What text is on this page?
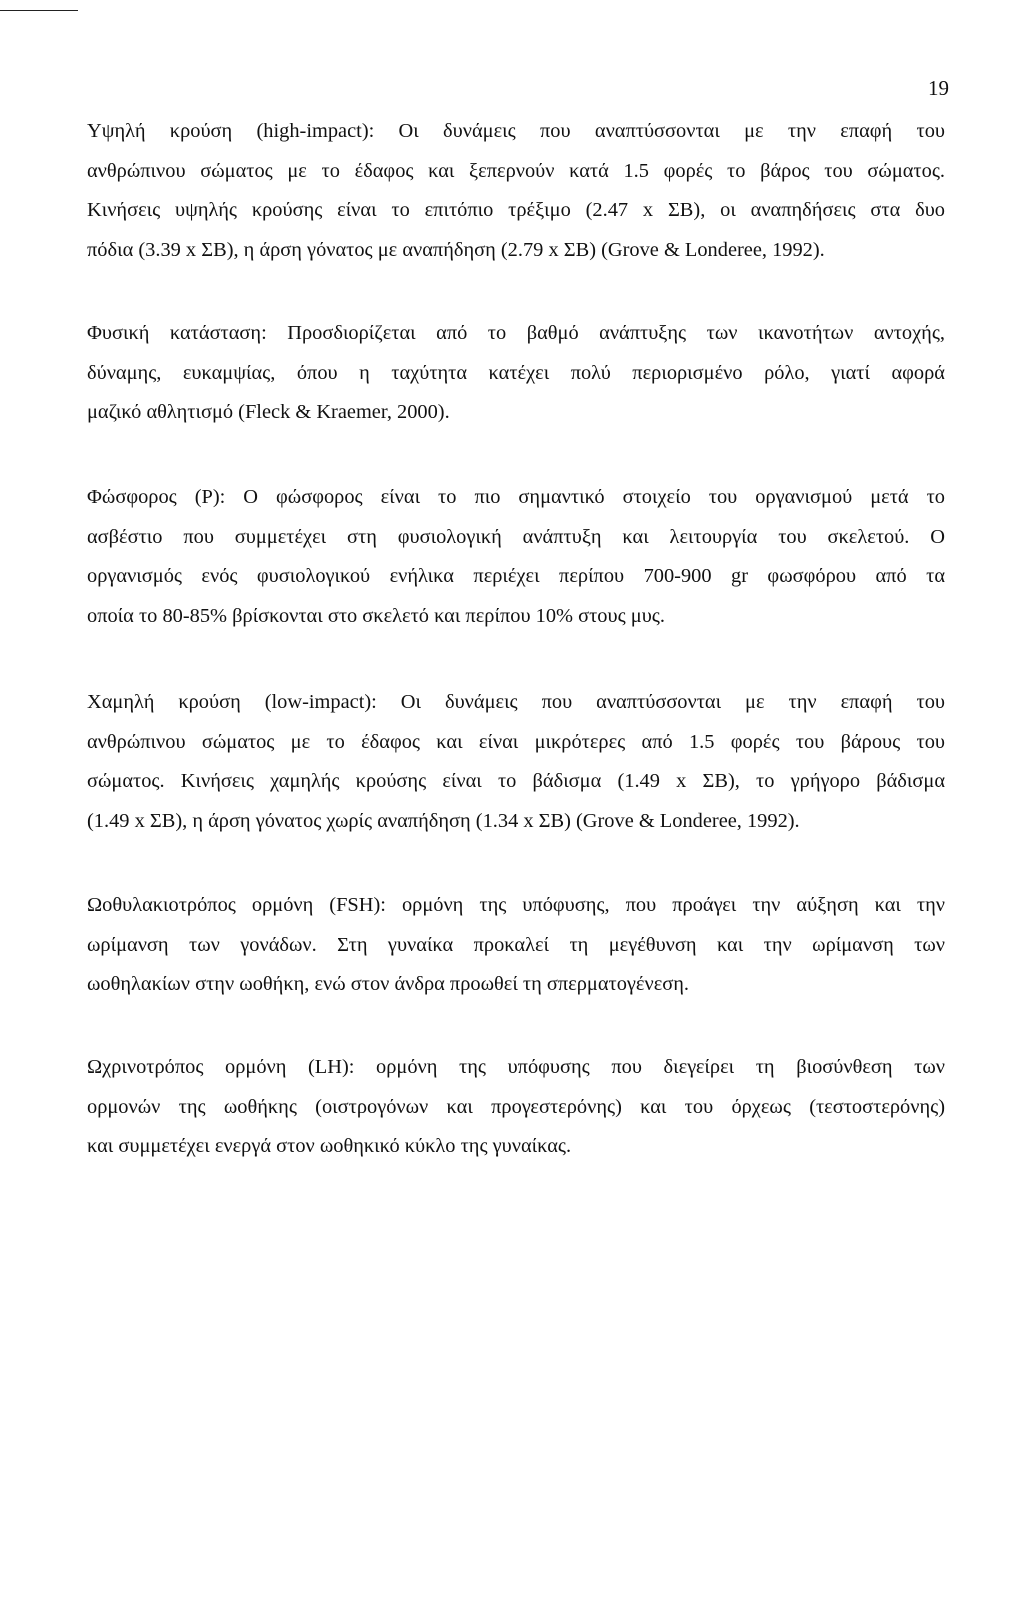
19
Υψηλή κρούση (high-impact): Οι δυνάμεις που αναπτύσσονται με την επαφή του
ανθρώπινου σώματος με το έδαφος και ξεπερνούν κατά 1.5 φορές το βάρος του σώματος.
Κινήσεις υψηλής κρούσης είναι το επιτόπιο τρέξιμο (2.47 x ΣΒ), οι αναπηδήσεις στα δυο
πόδια (3.39 x ΣΒ), η άρση γόνατος με αναπήδηση (2.79 x ΣΒ) (Grove & Londeree, 1992).
Φυσική κατάσταση: Προσδιορίζεται από το βαθμό ανάπτυξης των ικανοτήτων αντοχής,
δύναμης, ευκαμψίας, όπου η ταχύτητα κατέχει πολύ περιορισμένο ρόλο, γιατί αφορά
μαζικό αθλητισμό (Fleck & Kraemer, 2000).
Φώσφορος (Ρ): Ο φώσφορος είναι το πιο σημαντικό στοιχείο του οργανισμού μετά το
ασβέστιο που συμμετέχει στη φυσιολογική ανάπτυξη και λειτουργία του σκελετού. Ο
οργανισμός ενός φυσιολογικού ενήλικα περιέχει περίπου 700-900 gr φωσφόρου από τα
οποία το 80-85% βρίσκονται στο σκελετό και περίπου 10% στους μυς.
Χαμηλή κρούση (low-impact): Οι δυνάμεις που αναπτύσσονται με την επαφή του
ανθρώπινου σώματος με το έδαφος και είναι μικρότερες από 1.5 φορές του βάρους του
σώματος. Κινήσεις χαμηλής κρούσης είναι το βάδισμα (1.49 x ΣΒ), το γρήγορο βάδισμα
(1.49 x ΣΒ), η άρση γόνατος χωρίς αναπήδηση (1.34 x ΣΒ) (Grove & Londeree, 1992).
Ωοθυλακιοτρόπος ορμόνη (FSH): ορμόνη της υπόφυσης, που προάγει την αύξηση και την
ωρίμανση των γονάδων. Στη γυναίκα προκαλεί τη μεγέθυνση και την ωρίμανση των
ωοθηλακίων στην ωοθήκη, ενώ στον άνδρα προωθεί τη σπερματογένεση.
Ωχρινοτρόπος ορμόνη (LH): ορμόνη της υπόφυσης που διεγείρει τη βιοσύνθεση των
ορμονών της ωοθήκης (οιστρογόνων και προγεστερόνης) και του όρχεως (τεστοστερόνης)
και συμμετέχει ενεργά στον ωοθηκικό κύκλο της γυναίκας.
